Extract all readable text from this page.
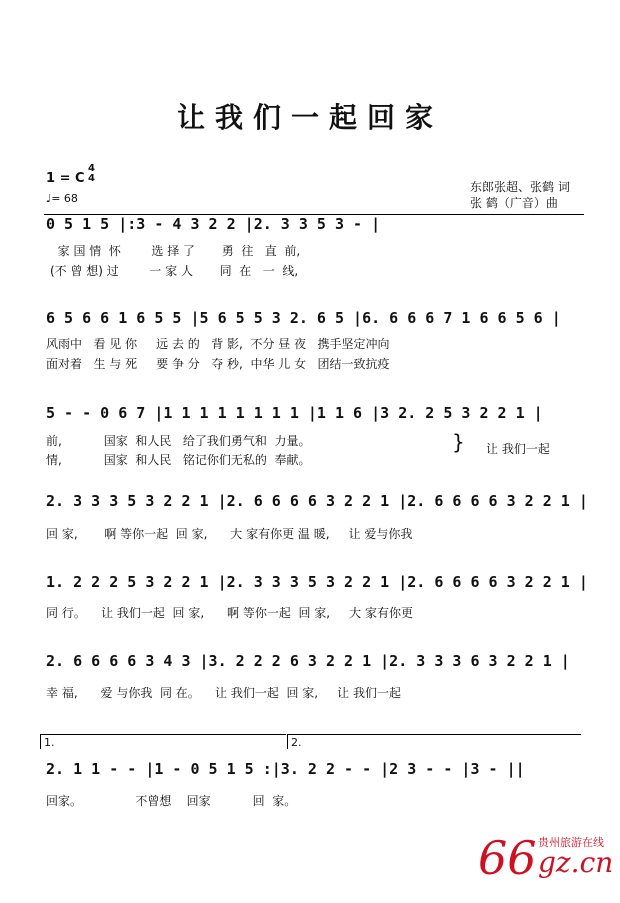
让我们一起回家
1 = C
4
4
♩= 68
东郎张超、张鹤 词
张 鹤（广音）曲
0 5 1 5 |:3 - 4 3 2 2 |2. 3 3 5 3 - |
家 国 情  怀        选 择 了       勇  往   直  前,
(不 曾 想) 过        一 家 人       同  在   一  线,
6 5 6 6 1 6 5 5 |5 6 5 5 3 2. 6 5 |6. 6 6 6 7 1 6 6 5 6 |
风雨中   看 见 你     远 去 的   背 影,  不分 昼 夜   携手坚定冲向
面对着   生 与 死     要 争 分   夺 秒,  中华 儿 女   团结一致抗疫
5 - - 0 6 7 |1 1 1 1 1 1 1 1 |1 1 6 |3 2. 2 5 3 2 2 1 |
前,           国家  和人民   给了我们勇气和  力量。
情,           国家  和人民   铭记你们无私的  奉献。
} 让 我们一起
2. 3 3 3 5 3 2 2 1 |2. 6 6 6 6 3 2 2 1 |2. 6 6 6 6 3 2 2 1 |
回 家,       啊 等你一起  回 家,      大 家有你更 温 暖,     让 爱与你我
1. 2 2 2 5 3 2 2 1 |2. 3 3 3 5 3 2 2 1 |2. 6 6 6 6 3 2 2 1 |
同 行。    让 我们一起  回 家,      啊 等你一起  回 家,     大 家有你更
2. 6 6 6 6 3 4 3 |3. 2 2 2 6 3 2 2 1 |2. 3 3 3 6 3 2 2 1 |
幸 福,      爱 与你我  同 在。    让 我们一起  回 家,     让 我们一起
1.	2.
2. 1 1 - - |1 - 0 5 1 5 :|3. 2 2 - - |2 3 - - |3 - ||
回家。              不曾想    回家           回  家。
66 gz.cn
贵州旅游在线
